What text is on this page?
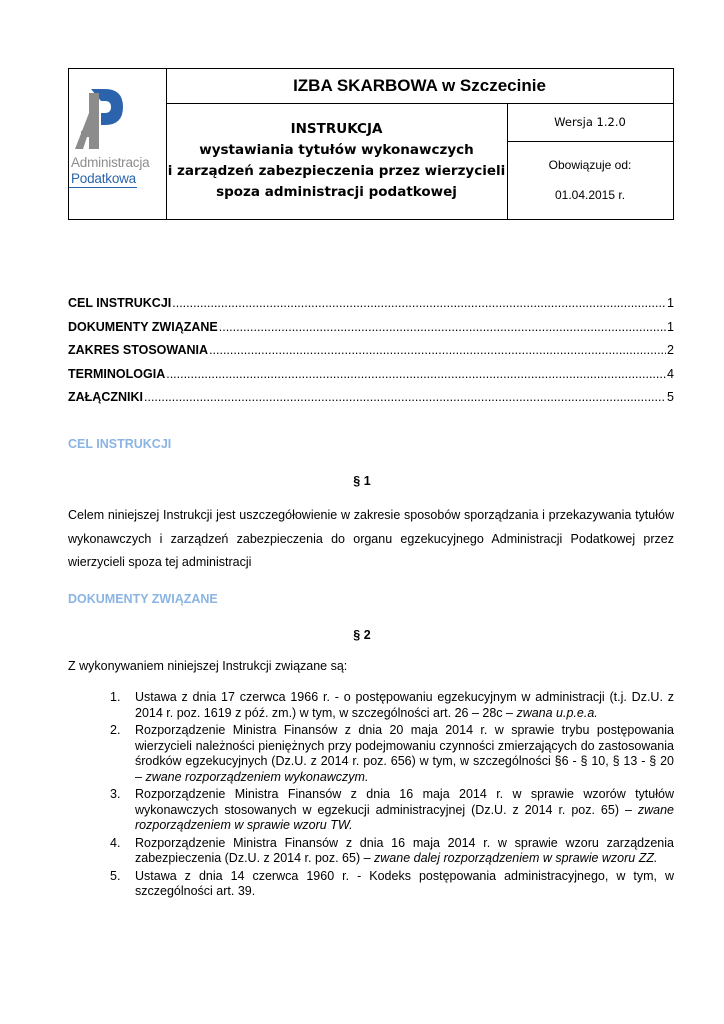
Administracja
Podatkowa
IZBA SKARBOWA w Szczecinie
INSTRUKCJA
wystawiania tytułów wykonawczych
i zarządzeń zabezpieczenia przez wierzycieli
spoza administracji podatkowej
Wersja 1.2.0
Obowiązuje od:
01.04.2015 r.
CEL INSTRUKCJI .....	1
DOKUMENTY ZWIĄZANE .....	1
ZAKRES STOSOWANIA .....	2
TERMINOLOGIA .....	4
ZAŁĄCZNIKI .....	5
CEL INSTRUKCJI
§ 1
Celem niniejszej Instrukcji jest uszczegółowienie w zakresie sposobów sporządzania i przekazywania tytułów wykonawczych i zarządzeń zabezpieczenia do organu egzekucyjnego Administracji Podatkowej przez wierzycieli spoza tej administracji
DOKUMENTY ZWIĄZANE
§ 2
Z wykonywaniem niniejszej Instrukcji związane są:
1. Ustawa z dnia 17 czerwca 1966 r. - o postępowaniu egzekucyjnym w administracji (t.j. Dz.U. z 2014 r. poz. 1619 z póź. zm.) w tym, w szczególności art. 26 – 28c – zwana u.p.e.a.
2. Rozporządzenie Ministra Finansów z dnia 20 maja 2014 r. w sprawie trybu postępowania wierzycieli należności pieniężnych przy podejmowaniu czynności zmierzających do zastosowania środków egzekucyjnych (Dz.U. z 2014 r. poz. 656) w tym, w szczególności §6 - § 10, § 13 - § 20 – zwane rozporządzeniem wykonawczym.
3. Rozporządzenie Ministra Finansów z dnia 16 maja 2014 r. w sprawie wzorów tytułów wykonawczych stosowanych w egzekucji administracyjnej (Dz.U. z 2014 r. poz. 65) – zwane rozporządzeniem w sprawie wzoru TW.
4. Rozporządzenie Ministra Finansów z dnia 16 maja 2014 r. w sprawie wzoru zarządzenia zabezpieczenia (Dz.U. z 2014 r. poz. 65) – zwane dalej rozporządzeniem w sprawie wzoru ZZ.
5. Ustawa z dnia 14 czerwca 1960 r. - Kodeks postępowania administracyjnego, w tym, w szczególności art. 39.
